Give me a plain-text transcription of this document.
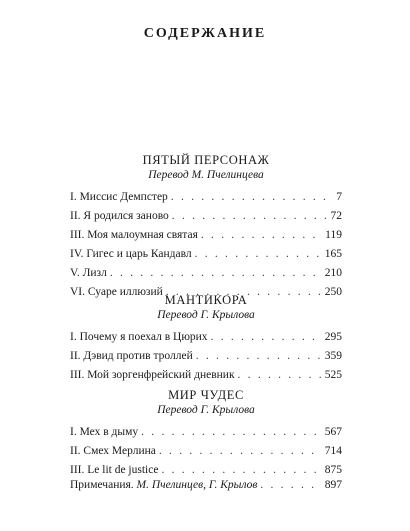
СОДЕРЖАНИЕ
ПЯТЫЙ ПЕРСОНАЖ
Перевод М. Пчелинцева
I. Миссис Демпстер . . .	7
II. Я родился заново . . .	72
III. Моя малоумная святая . . .	119
IV. Гигес и царь Кандавл . . .	165
V. Лизл . . .	210
VI. Суаре иллюзий . . .	250
МАНТИКОРА
Перевод Г. Крылова
I. Почему я поехал в Цюрих . . .	295
II. Дэвид против троллей . . .	359
III. Мой зоргенфрейский дневник . . .	525
МИР ЧУДЕС
Перевод Г. Крылова
I. Мех в дыму . . .	567
II. Смех Мерлина . . .	714
III. Le lit de justice . . .	875
Примечания. М. Пчелинцев, Г. Крылов . . .	897
